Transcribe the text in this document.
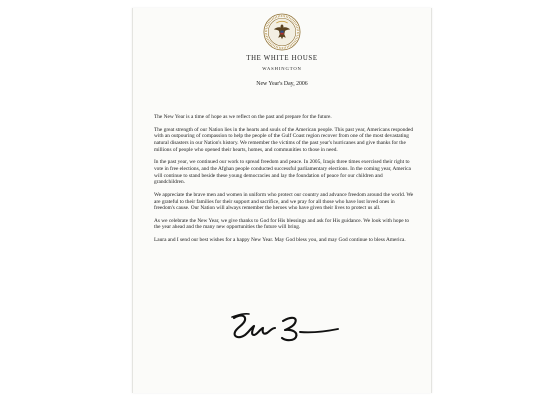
THE WHITE HOUSE
WASHINGTON
New Year's Day, 2006

The New Year is a time of hope as we reflect on the past and prepare for the future.

The great strength of our Nation lies in the hearts and souls of the American people. This past year, Americans responded with an outpouring of compassion to help the people of the Gulf Coast region recover from one of the most devastating natural disasters in our Nation's history. We remember the victims of the past year's hurricanes and give thanks for the millions of people who opened their hearts, homes, and communities to those in need.

In the past year, we continued our work to spread freedom and peace. In 2005, Iraqis three times exercised their right to vote in free elections, and the Afghan people conducted successful parliamentary elections. In the coming year, America will continue to stand beside these young democracies and lay the foundation of peace for our children and grandchildren.

We appreciate the brave men and women in uniform who protect our country and advance freedom around the world. We are grateful to their families for their support and sacrifice, and we pray for all those who have lost loved ones in freedom's cause. Our Nation will always remember the heroes who have given their lives to protect us all.

As we celebrate the New Year, we give thanks to God for His blessings and ask for His guidance. We look with hope to the year ahead and the many new opportunities the future will bring.

Laura and I send our best wishes for a happy New Year. May God bless you, and may God continue to bless America.
